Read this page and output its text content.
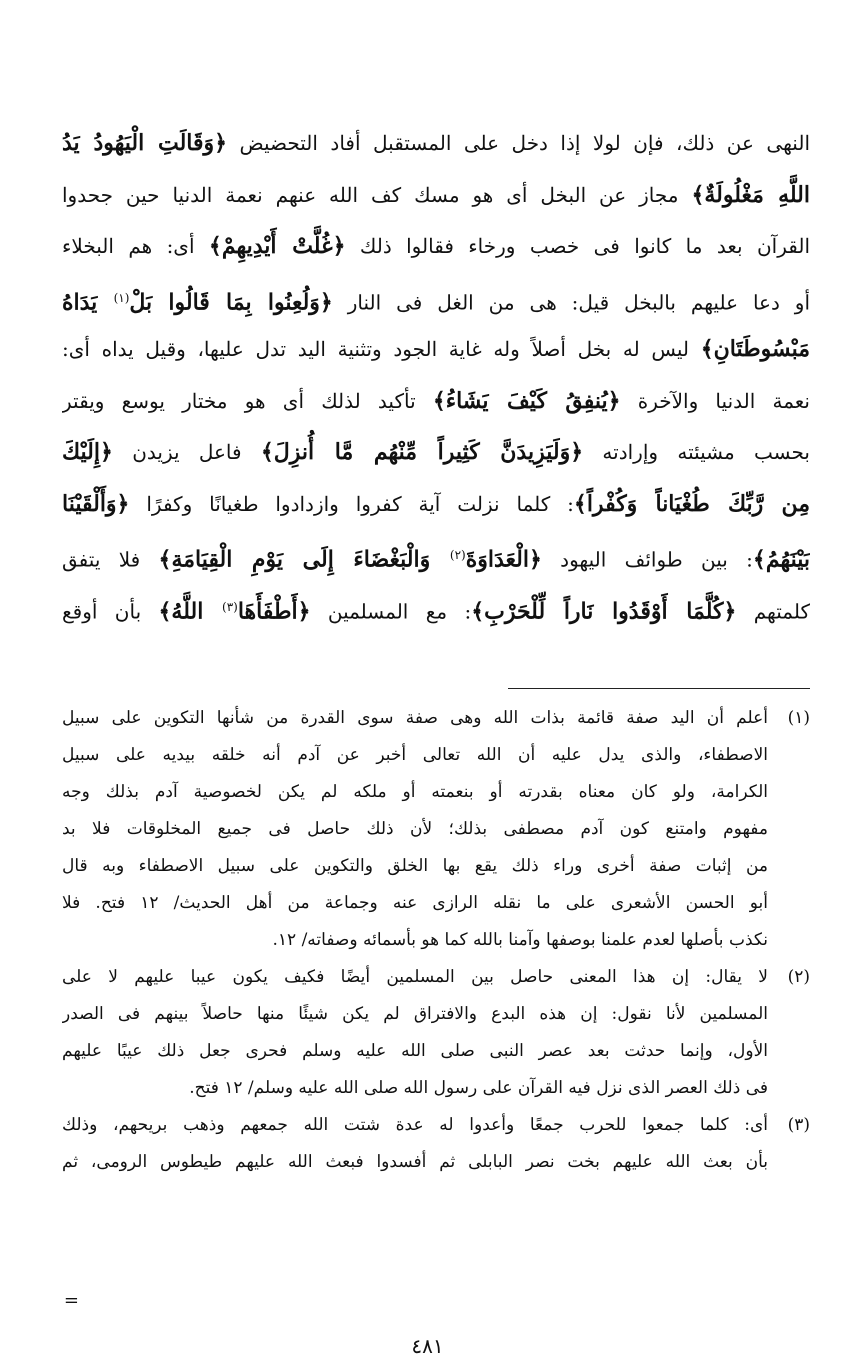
النهى عن ذلك، فإن لولا إذا دخل على المستقبل أفاد التحضيض ﴿وَقَالَتِ الْيَهُودُ يَدُ
اللَّهِ مَغْلُولَةٌ﴾ مجاز عن البخل أى هو مسك كف الله عنهم نعمة الدنيا حين جحدوا
القرآن بعد ما كانوا فى خصب ورخاء فقالوا ذلك ﴿غُلَّتْ أَيْدِيهِمْ﴾ أى: هم البخلاء
أو دعا عليهم بالبخل قيل: هى من الغل فى النار ﴿وَلُعِنُوا بِمَا قَالُوا بَلْ$^{(١)}$ يَدَاهُ
مَبْسُوطَتَانِ﴾ ليس له بخل أصلاً وله غاية الجود وتثنية اليد تدل عليها، وقيل يداه أى:
نعمة الدنيا والآخرة ﴿يُنفِقُ كَيْفَ يَشَاءُ﴾ تأكيد لذلك أى هو مختار يوسع ويقتر
بحسب مشيئته وإرادته ﴿وَلَيَزِيدَنَّ كَثِيراً مِّنْهُم مَّا أُنزِلَ﴾ فاعل يزيدن ﴿إِلَيْكَ
مِن رَّبِّكَ طُغْيَاناً وَكُفْراً﴾: كلما نزلت آية كفروا وازدادوا طغيانًا وكفرًا ﴿وَأَلْقَيْنَا
بَيْنَهُمُ﴾: بين طوائف اليهود ﴿الْعَدَاوَةَ$^{(٢)}$ وَالْبَغْضَاءَ إِلَى يَوْمِ الْقِيَامَةِ﴾ فلا يتفق
كلمتهم ﴿كُلَّمَا أَوْقَدُوا نَاراً لِّلْحَرْبِ﴾: مع المسلمين ﴿أَطْفَأَهَا$^{(٣)}$ اللَّهُ﴾ بأن أوقع
(١)
أعلم أن اليد صفة قائمة بذات الله وهى صفة سوى القدرة من شأنها التكوين على سبيل
الاصطفاء، والذى يدل عليه أن الله تعالى أخبر عن آدم أنه خلقه بيديه على سبيل
الكرامة، ولو كان معناه بقدرته أو بنعمته أو ملكه لم يكن لخصوصية آدم بذلك وجه
مفهوم وامتنع كون آدم مصطفى بذلك؛ لأن ذلك حاصل فى جميع المخلوقات فلا بد
من إثبات صفة أخرى وراء ذلك يقع بها الخلق والتكوين على سبيل الاصطفاء وبه قال
أبو الحسن الأشعرى على ما نقله الرازى عنه وجماعة من أهل الحديث/ ١٢ فتح. فلا
نكذب بأصلها لعدم علمنا بوصفها وآمنا بالله كما هو بأسمائه وصفاته/ ١٢.
(٢)
لا يقال: إن هذا المعنى حاصل بين المسلمين أيضًا فكيف يكون عيبا عليهم لا على
المسلمين لأنا نقول: إن هذه البدع والافتراق لم يكن شيئًا منها حاصلاً بينهم فى الصدر
الأول، وإنما حدثت بعد عصر النبى صلى الله عليه وسلم فحرى جعل ذلك عيبًا عليهم
فى ذلك العصر الذى نزل فيه القرآن على رسول الله صلى الله عليه وسلم/ ١٢ فتح.
(٣)
أى: كلما جمعوا للحرب جمعًا وأعدوا له عدة شتت الله جمعهم وذهب بريحهم، وذلك
بأن بعث الله عليهم بخت نصر البابلى ثم أفسدوا فبعث الله عليهم طيطوس الرومى، ثم
=
٤٨١
